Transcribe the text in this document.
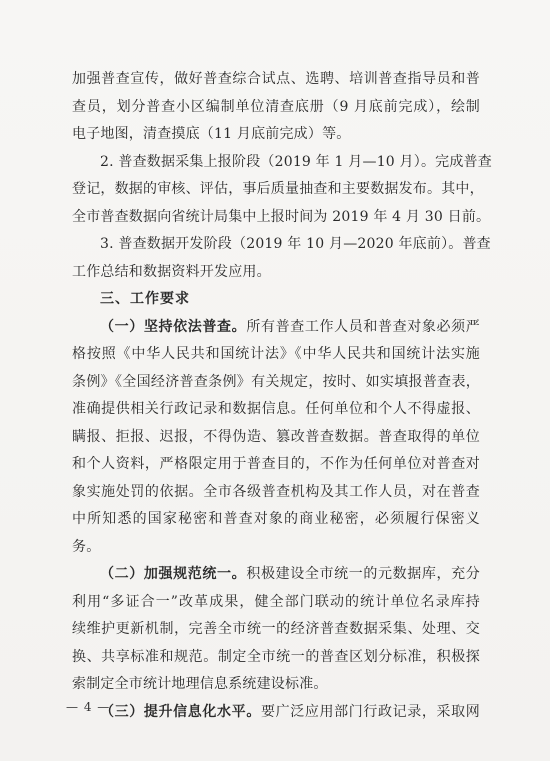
加强普查宣传，做好普查综合试点、选聘、培训普查指导员和普
查员，划分普查小区编制单位清查底册（9 月底前完成），绘制
电子地图，清查摸底（11 月底前完成）等。
2. 普查数据采集上报阶段（2019 年 1 月—10 月）。完成普查
登记，数据的审核、评估，事后质量抽查和主要数据发布。其中，
全市普查数据向省统计局集中上报时间为 2019 年 4 月 30 日前。
3. 普查数据开发阶段（2019 年 10 月—2020 年底前）。普查
工作总结和数据资料开发应用。
三、工作要求
（一）坚持依法普查。所有普查工作人员和普查对象必须严
格按照《中华人民共和国统计法》《中华人民共和国统计法实施
条例》《全国经济普查条例》有关规定，按时、如实填报普查表，
准确提供相关行政记录和数据信息。任何单位和个人不得虚报、
瞒报、拒报、迟报，不得伪造、篡改普查数据。普查取得的单位
和个人资料，严格限定用于普查目的，不作为任何单位对普查对
象实施处罚的依据。全市各级普查机构及其工作人员，对在普查
中所知悉的国家秘密和普查对象的商业秘密，必须履行保密义
务。
（二）加强规范统一。积极建设全市统一的元数据库，充分
利用“多证合一”改革成果，健全部门联动的统计单位名录库持
续维护更新机制，完善全市统一的经济普查数据采集、处理、交
换、共享标准和规范。制定全市统一的普查区划分标准，积极探
索制定全市统计地理信息系统建设标准。
（三）提升信息化水平。要广泛应用部门行政记录，采取网
— 4 —
